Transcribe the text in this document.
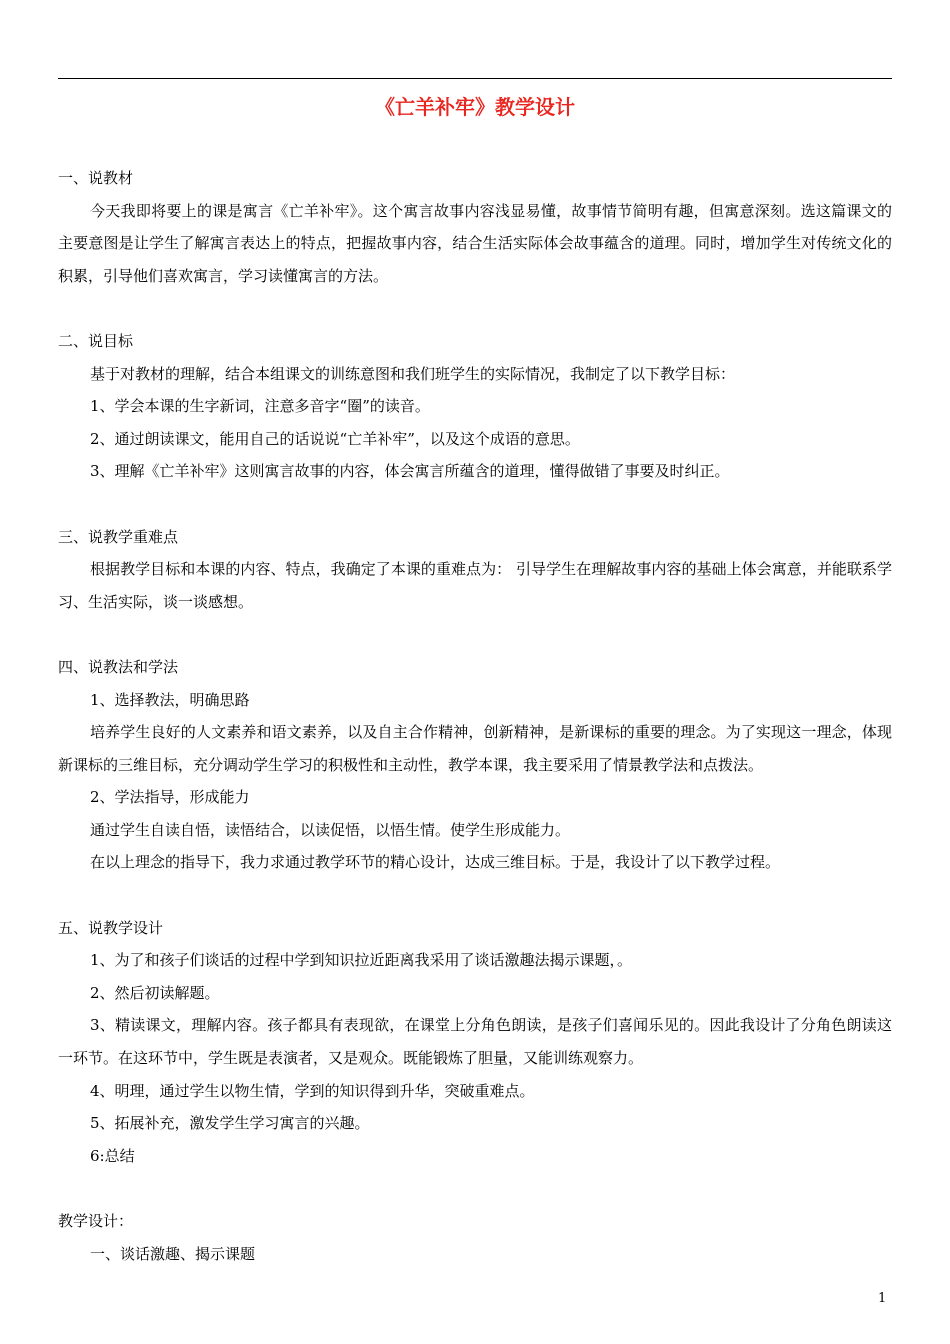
《亡羊补牢》教学设计

一、说教材

今天我即将要上的课是寓言《亡羊补牢》。这个寓言故事内容浅显易懂，故事情节简明有趣，但寓意深刻。选这篇课文的主要意图是让学生了解寓言表达上的特点，把握故事内容，结合生活实际体会故事蕴含的道理。同时，增加学生对传统文化的积累，引导他们喜欢寓言，学习读懂寓言的方法。

二、说目标

基于对教材的理解，结合本组课文的训练意图和我们班学生的实际情况，我制定了以下教学目标：

1、学会本课的生字新词，注意多音字“圈”的读音。

2、通过朗读课文，能用自己的话说说“亡羊补牢”，以及这个成语的意思。

3、理解《亡羊补牢》这则寓言故事的内容，体会寓言所蕴含的道理，懂得做错了事要及时纠正。

三、说教学重难点

根据教学目标和本课的内容、特点，我确定了本课的重难点为： 引导学生在理解故事内容的基础上体会寓意，并能联系学习、生活实际，谈一谈感想。

四、说教法和学法

1、选择教法，明确思路

培养学生良好的人文素养和语文素养，以及自主合作精神，创新精神，是新课标的重要的理念。为了实现这一理念，体现新课标的三维目标，充分调动学生学习的积极性和主动性，教学本课，我主要采用了情景教学法和点拨法。

2、学法指导，形成能力

通过学生自读自悟，读悟结合，以读促悟，以悟生情。使学生形成能力。

在以上理念的指导下，我力求通过教学环节的精心设计，达成三维目标。于是，我设计了以下教学过程。

五、说教学设计

1、为了和孩子们谈话的过程中学到知识拉近距离我采用了谈话激趣法揭示课题，。

2、然后初读解题。

3、精读课文，理解内容。孩子都具有表现欲，在课堂上分角色朗读，是孩子们喜闻乐见的。因此我设计了分角色朗读这一环节。在这环节中，学生既是表演者，又是观众。既能锻炼了胆量，又能训练观察力。

4、明理，通过学生以物生情，学到的知识得到升华，突破重难点。

5、拓展补充，激发学生学习寓言的兴趣。

6:总结

教学设计：

一、谈话激趣、揭示课题

1
